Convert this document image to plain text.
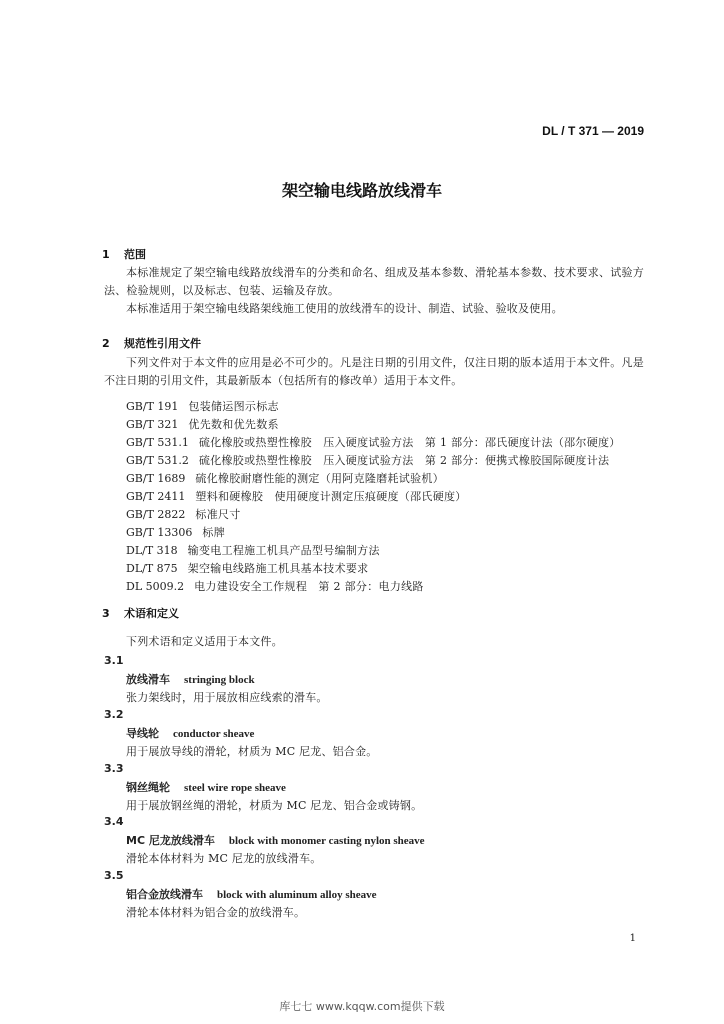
DL / T 371 — 2019
架空输电线路放线滑车
1 范围
本标准规定了架空输电线路放线滑车的分类和命名、组成及基本参数、滑轮基本参数、技术要求、试验方法、检验规则，以及标志、包装、运输及存放。
本标准适用于架空输电线路架线施工使用的放线滑车的设计、制造、试验、验收及使用。
2 规范性引用文件
下列文件对于本文件的应用是必不可少的。凡是注日期的引用文件，仅注日期的版本适用于本文件。凡是不注日期的引用文件，其最新版本（包括所有的修改单）适用于本文件。
GB/T 191 包装储运图示标志
GB/T 321 优先数和优先数系
GB/T 531.1 硫化橡胶或热塑性橡胶　压入硬度试验方法　第 1 部分：邵氏硬度计法（邵尔硬度）
GB/T 531.2 硫化橡胶或热塑性橡胶　压入硬度试验方法　第 2 部分：便携式橡胶国际硬度计法
GB/T 1689 硫化橡胶耐磨性能的测定（用阿克隆磨耗试验机）
GB/T 2411 塑料和硬橡胶　使用硬度计测定压痕硬度（邵氏硬度）
GB/T 2822 标准尺寸
GB/T 13306 标牌
DL/T 318 输变电工程施工机具产品型号编制方法
DL/T 875 架空输电线路施工机具基本技术要求
DL 5009.2 电力建设安全工作规程　第 2 部分：电力线路
3 术语和定义
下列术语和定义适用于本文件。
3.1
放线滑车 stringing block
张力架线时，用于展放相应线索的滑车。
3.2
导线轮 conductor sheave
用于展放导线的滑轮，材质为 MC 尼龙、铝合金。
3.3
钢丝绳轮 steel wire rope sheave
用于展放钢丝绳的滑轮，材质为 MC 尼龙、铝合金或铸钢。
3.4
MC 尼龙放线滑车 block with monomer casting nylon sheave
滑轮本体材料为 MC 尼龙的放线滑车。
3.5
铝合金放线滑车 block with aluminum alloy sheave
滑轮本体材料为铝合金的放线滑车。
1
库七七 www.kqqw.com提供下载
